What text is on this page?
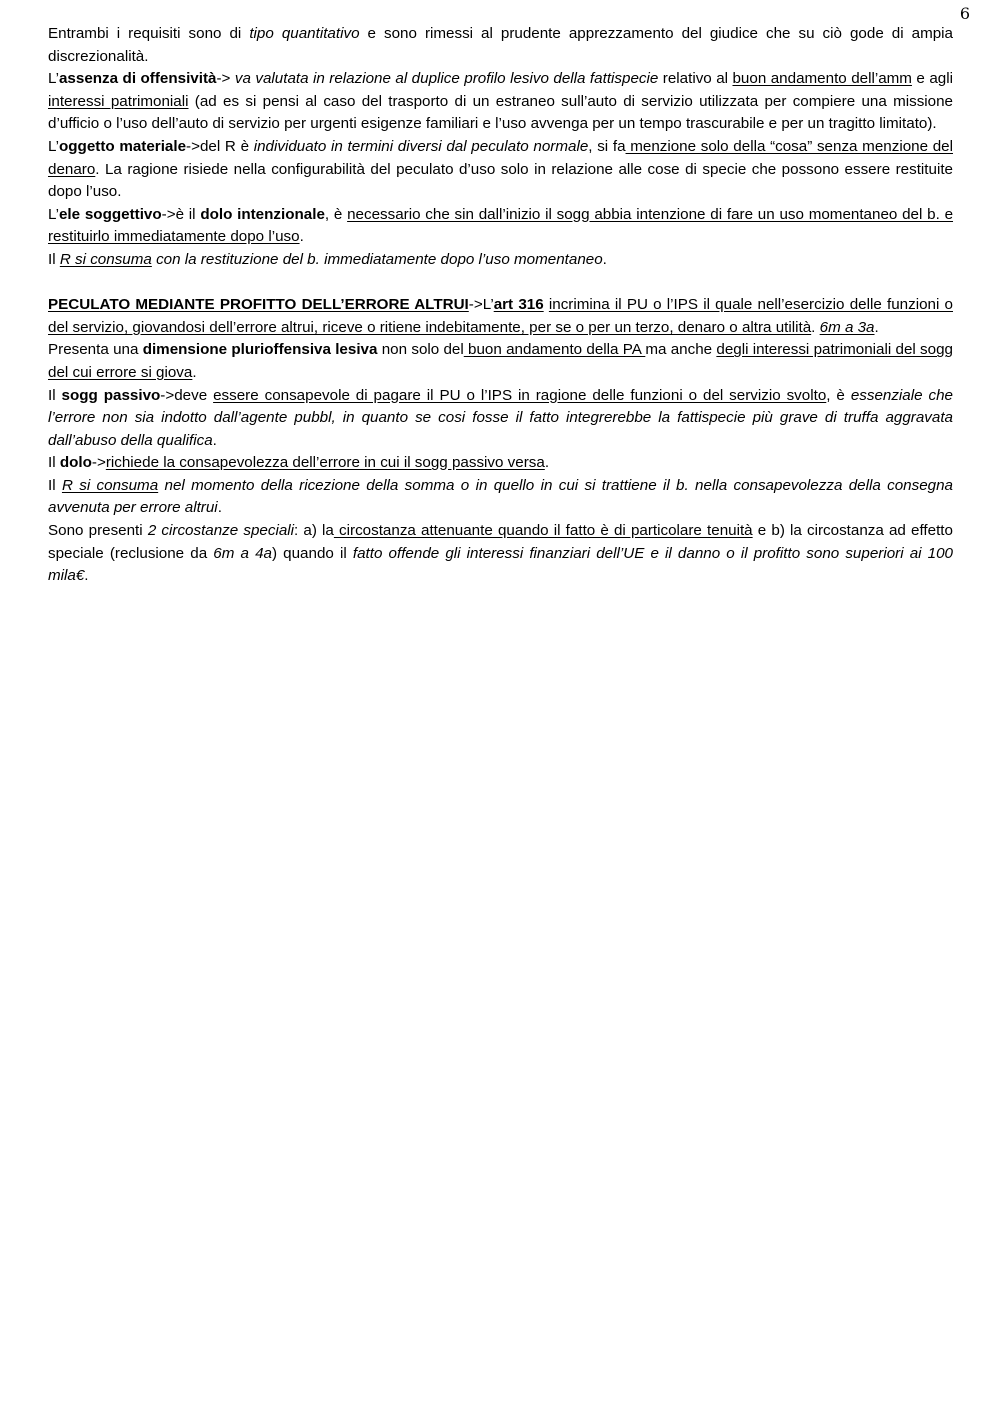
6

Entrambi i requisiti sono di tipo quantitativo e sono rimessi al prudente apprezzamento del giudice che su ciò gode di ampia discrezionalità.

L’assenza di offensività-> va valutata in relazione al duplice profilo lesivo della fattispecie relativo al buon andamento dell’amm e agli interessi patrimoniali (ad es si pensi al caso del trasporto di un estraneo sull’auto di servizio utilizzata per compiere una missione d’ufficio o l’uso dell’auto di servizio per urgenti esigenze familiari e l’uso avvenga per un tempo trascurabile e per un tragitto limitato).

L’oggetto materiale->del R è individuato in termini diversi dal peculato normale, si fa menzione solo della “cosa” senza menzione del denaro. La ragione risiede nella configurabilità del peculato d’uso solo in relazione alle cose di specie che possono essere restituite dopo l’uso.

L’ele soggettivo->è il dolo intenzionale, è necessario che sin dall’inizio il sogg abbia intenzione di fare un uso momentaneo del b. e restituirlo immediatamente dopo l’uso.

Il R si consuma con la restituzione del b. immediatamente dopo l’uso momentaneo.

PECULATO MEDIANTE PROFITTO DELL’ERRORE ALTRUI->L’art 316 incrimina il PU o l’IPS il quale nell’esercizio delle funzioni o del servizio, giovandosi dell’errore altrui, riceve o ritiene indebitamente, per se o per un terzo, denaro o altra utilità. 6m a 3a.

Presenta una dimensione plurioffensiva lesiva non solo del buon andamento della PA ma anche degli interessi patrimoniali del sogg del cui errore si giova.

Il sogg passivo->deve essere consapevole di pagare il PU o l’IPS in ragione delle funzioni o del servizio svolto, è essenziale che l’errore non sia indotto dall’agente pubbl, in quanto se cosi fosse il fatto integrerebbe la fattispecie più grave di truffa aggravata dall’abuso della qualifica.

Il dolo->richiede la consapevolezza dell’errore in cui il sogg passivo versa.

Il R si consuma nel momento della ricezione della somma o in quello in cui si trattiene il b. nella consapevolezza della consegna avvenuta per errore altrui.

Sono presenti 2 circostanze speciali: a) la circostanza attenuante quando il fatto è di particolare tenuità e b) la circostanza ad effetto speciale (reclusione da 6m a 4a) quando il fatto offende gli interessi finanziari dell’UE e il danno o il profitto sono superiori ai 100 mila€.
